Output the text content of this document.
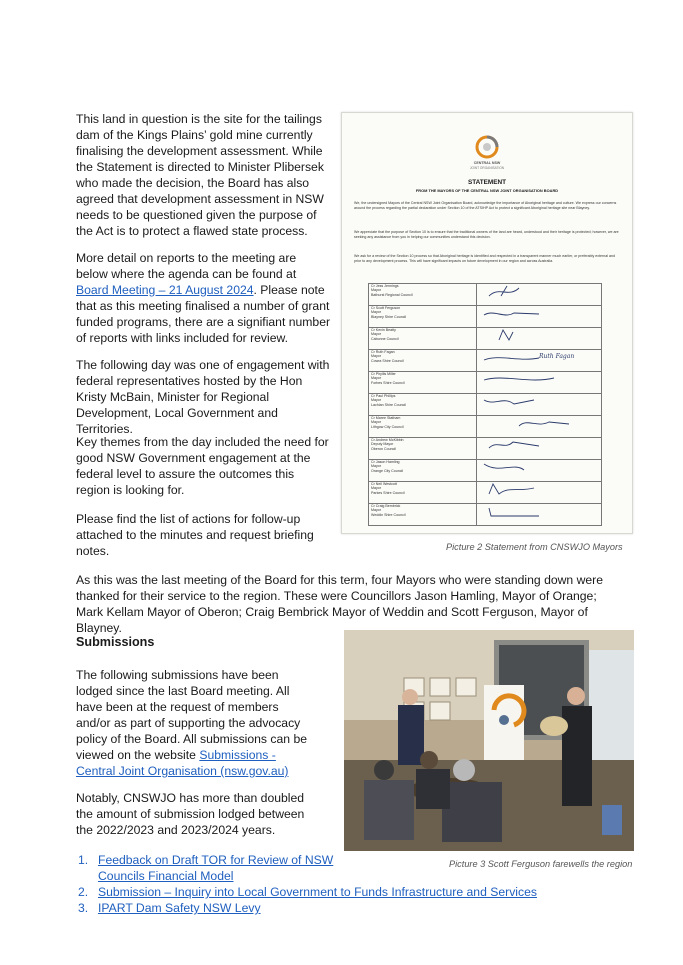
This land in question is the site for the tailings dam of the Kings Plains’ gold mine currently finalising the development assessment. While the Statement is directed to Minister Plibersek who made the decision, the Board has also agreed that development assessment in NSW needs to be questioned given the purpose of the Act is to protect a flawed state process.

More detail on reports to the meeting are below where the agenda can be found at Board Meeting – 21 August 2024. Please note that as this meeting finalised a number of grant funded programs, there are a signifiant number of reports with links included for review.

The following day was one of engagement with federal representatives hosted by the Hon Kristy McBain, Minister for Regional Development, Local Government and Territories.

Key themes from the day included the need for good NSW Government engagement at the federal level to assure the outcomes this region is looking for.

Please find the list of actions for follow-up attached to the minutes and request briefing notes.

CENTRAL NSW
JOINT ORGANISATION
STATEMENT
FROM THE MAYORS OF THE CENTRAL NSW JOINT ORGANISATION BOARD
We, the undersigned Mayors of the Central NSW Joint Organisation Board, acknowledge the importance of Aboriginal heritage and culture. We express our concerns around the process regarding the partial declaration under Section 10 of the ATSIHP Act to protect a significant Aboriginal heritage site near Blayney.
We appreciate that the purpose of Section 10 is to ensure that the traditional owners of the land are heard, understood and their heritage is protected; however, we are seeking any assistance from you in helping our communities understand this decision.
We ask for a review of the Section 10 process so that Aboriginal heritage is identified and respected in a transparent manner much earlier, or preferably external and prior to any development process. This will have significant impacts on future development in our region and across Australia.
Cr Jess Jennings
Mayor
Bathurst Regional Council

Cr Scott Ferguson
Mayor
Blayney Shire Council

Cr Kevin Beatty
Mayor
Cabonne Council

Cr Ruth Fagan
Mayor
Cowra Shire Council	Ruth Fagan

Cr Phyllis Miller
Mayor
Forbes Shire Council

Cr Paul Phillips
Mayor
Lachlan Shire Council

Cr Maree Statham
Mayor
Lithgow City Council

Cr Andrew McKibbin
Deputy Mayor
Oberon Council

Cr Jason Hamling
Mayor
Orange City Council

Cr Neil Westcott
Mayor
Parkes Shire Council

Cr Craig Bembrick
Mayor
Weddin Shire Council

Picture 2 Statement from CNSWJO Mayors

As this was the last meeting of the Board for this term, four Mayors who were standing down were thanked for their service to the region. These were Councillors Jason Hamling, Mayor of Orange; Mark Kellam Mayor of Oberon; Craig Bembrick Mayor of Weddin and Scott Ferguson, Mayor of Blayney.

Submissions

The following submissions have been lodged since the last Board meeting. All have been at the request of members and/or as part of supporting the advocacy policy of the Board. All submissions can be viewed on the website Submissions - Central Joint Organisation (nsw.gov.au)

Notably, CNSWJO has more than doubled the amount of submission lodged between the 2022/2023 and 2023/2024 years.

1. Feedback on Draft TOR for Review of NSW Councils Financial Model
2. Submission – Inquiry into Local Government to Funds Infrastructure and Services
3. IPART Dam Safety NSW Levy
Picture 3 Scott Ferguson farewells the region
